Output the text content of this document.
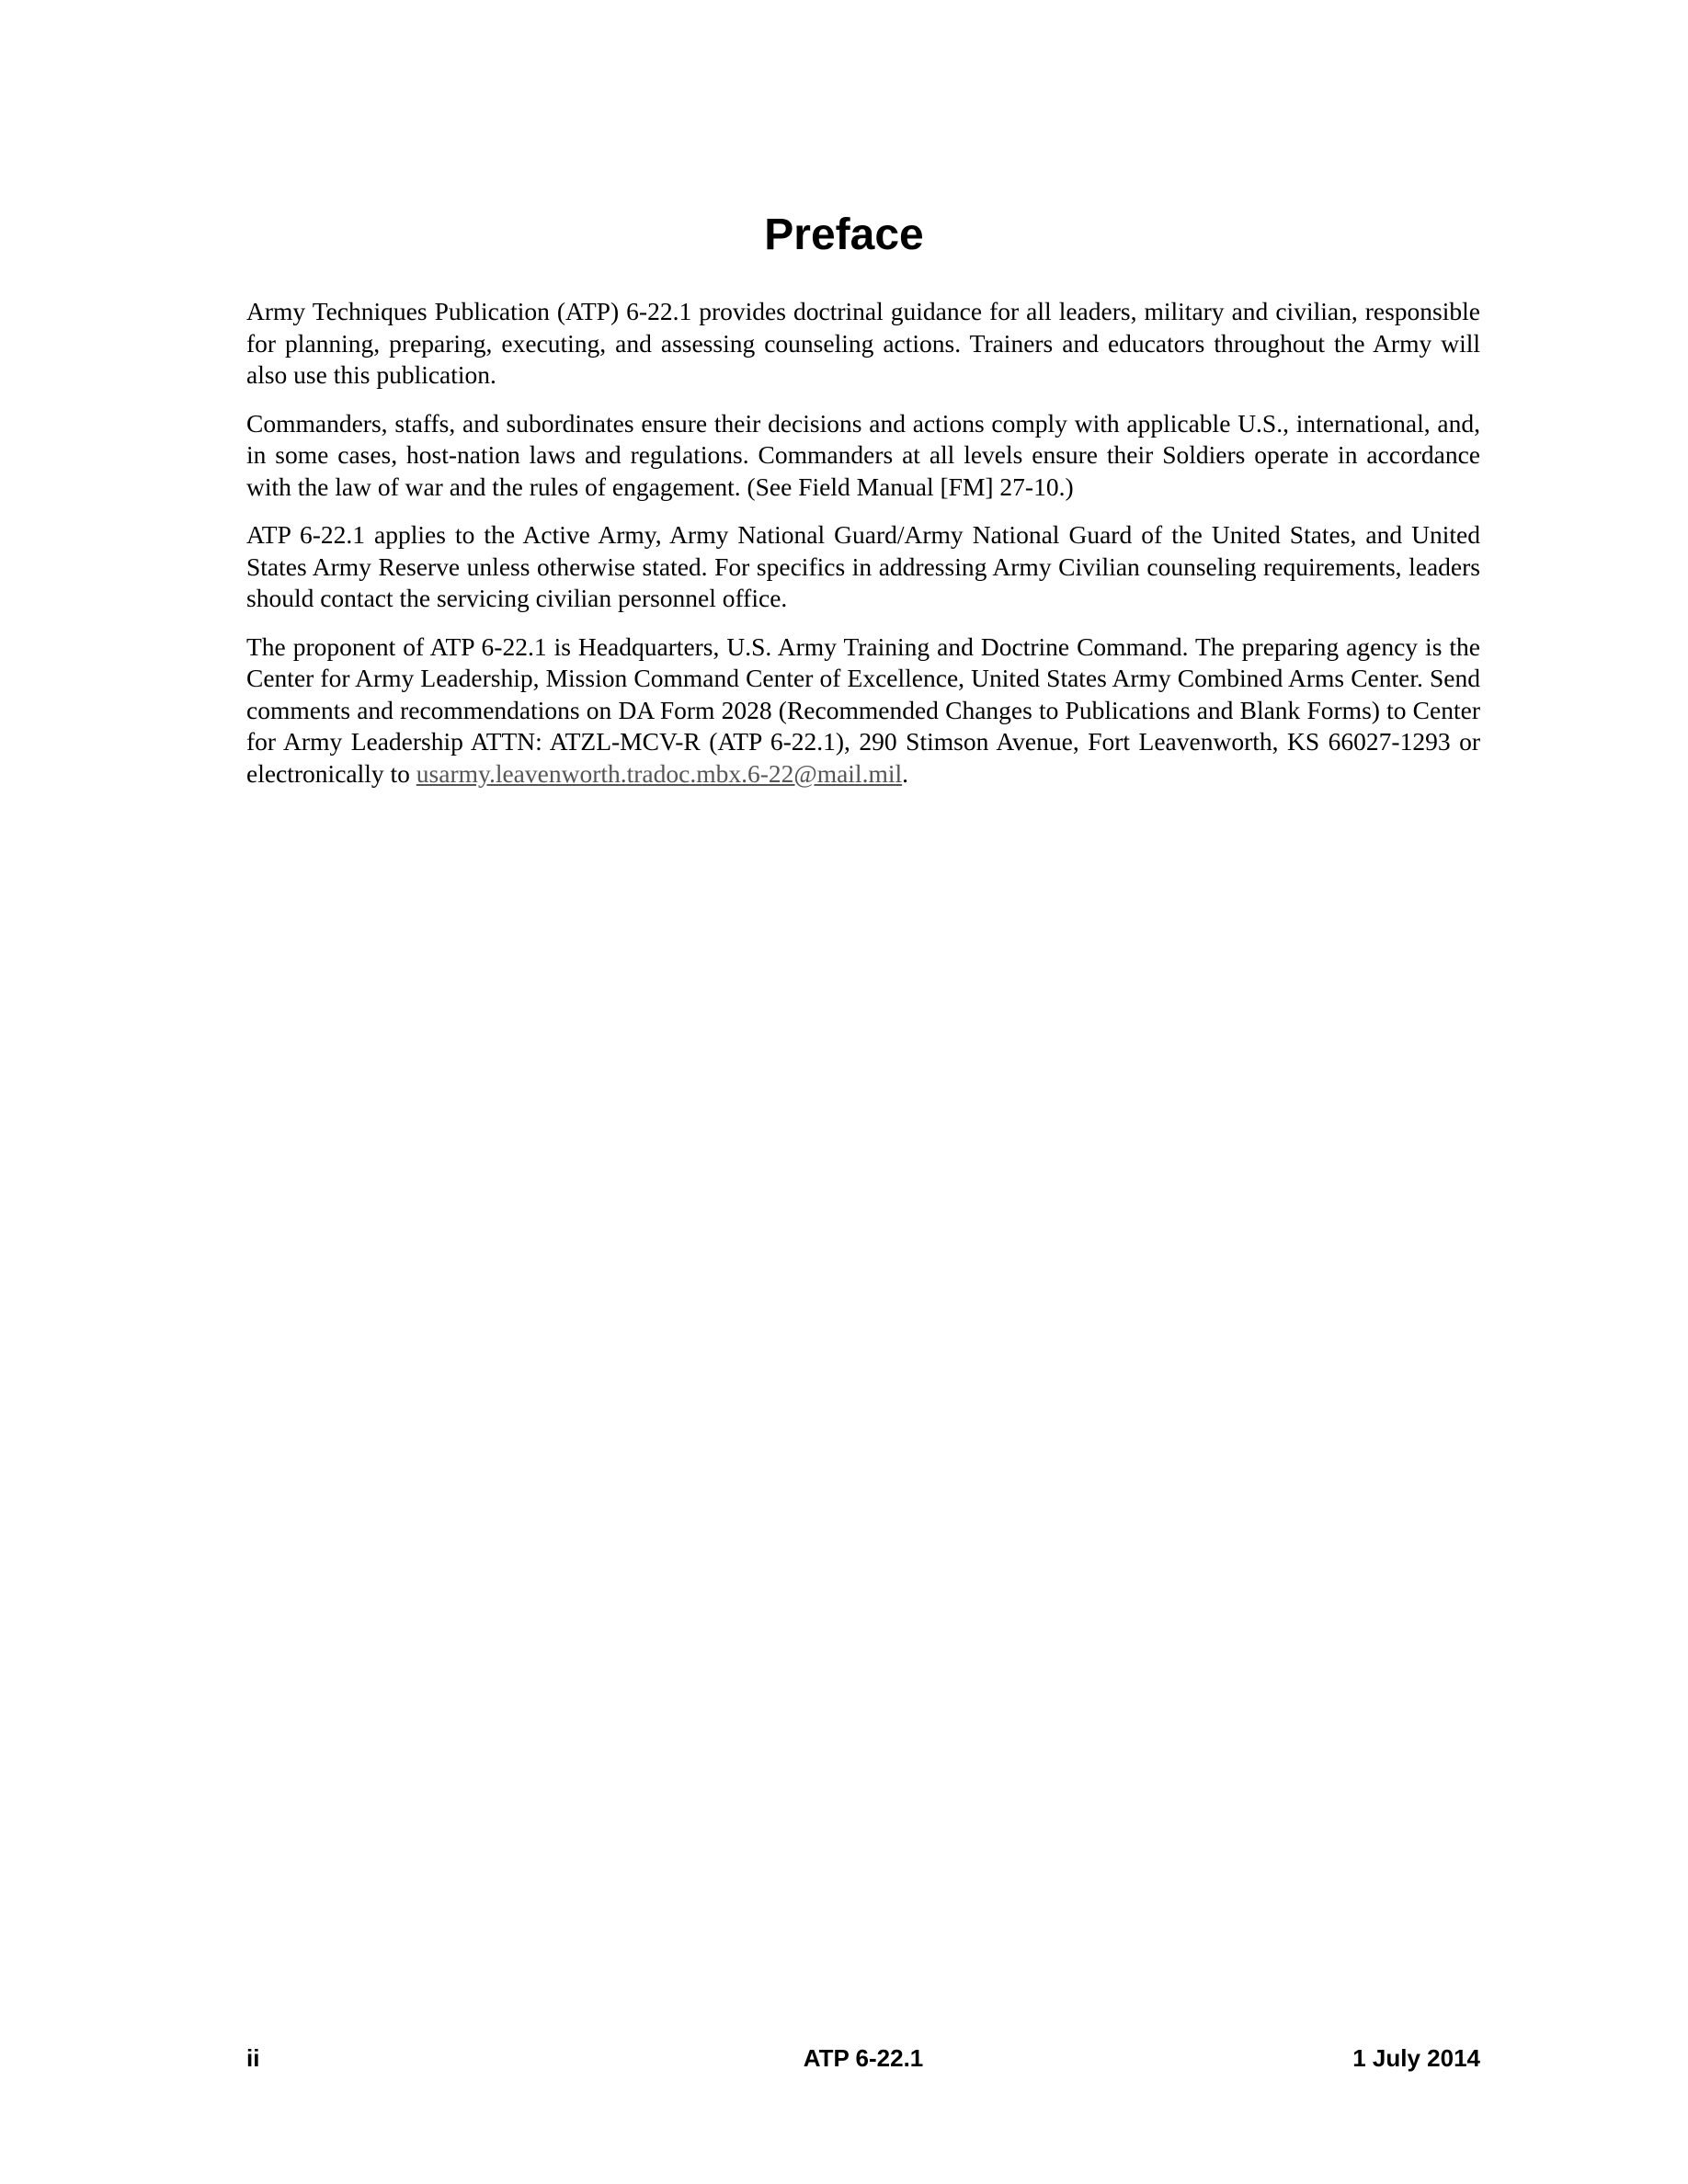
Preface

Army Techniques Publication (ATP) 6-22.1 provides doctrinal guidance for all leaders, military and civilian, responsible for planning, preparing, executing, and assessing counseling actions. Trainers and educators throughout the Army will also use this publication.

Commanders, staffs, and subordinates ensure their decisions and actions comply with applicable U.S., international, and, in some cases, host-nation laws and regulations. Commanders at all levels ensure their Soldiers operate in accordance with the law of war and the rules of engagement. (See Field Manual [FM] 27-10.)

ATP 6-22.1 applies to the Active Army, Army National Guard/Army National Guard of the United States, and United States Army Reserve unless otherwise stated. For specifics in addressing Army Civilian counseling requirements, leaders should contact the servicing civilian personnel office.

The proponent of ATP 6-22.1 is Headquarters, U.S. Army Training and Doctrine Command. The preparing agency is the Center for Army Leadership, Mission Command Center of Excellence, United States Army Combined Arms Center. Send comments and recommendations on DA Form 2028 (Recommended Changes to Publications and Blank Forms) to Center for Army Leadership ATTN: ATZL-MCV-R (ATP 6-22.1), 290 Stimson Avenue, Fort Leavenworth, KS 66027-1293 or electronically to usarmy.leavenworth.tradoc.mbx.6-22@mail.mil.

ii	ATP 6-22.1	1 July 2014
